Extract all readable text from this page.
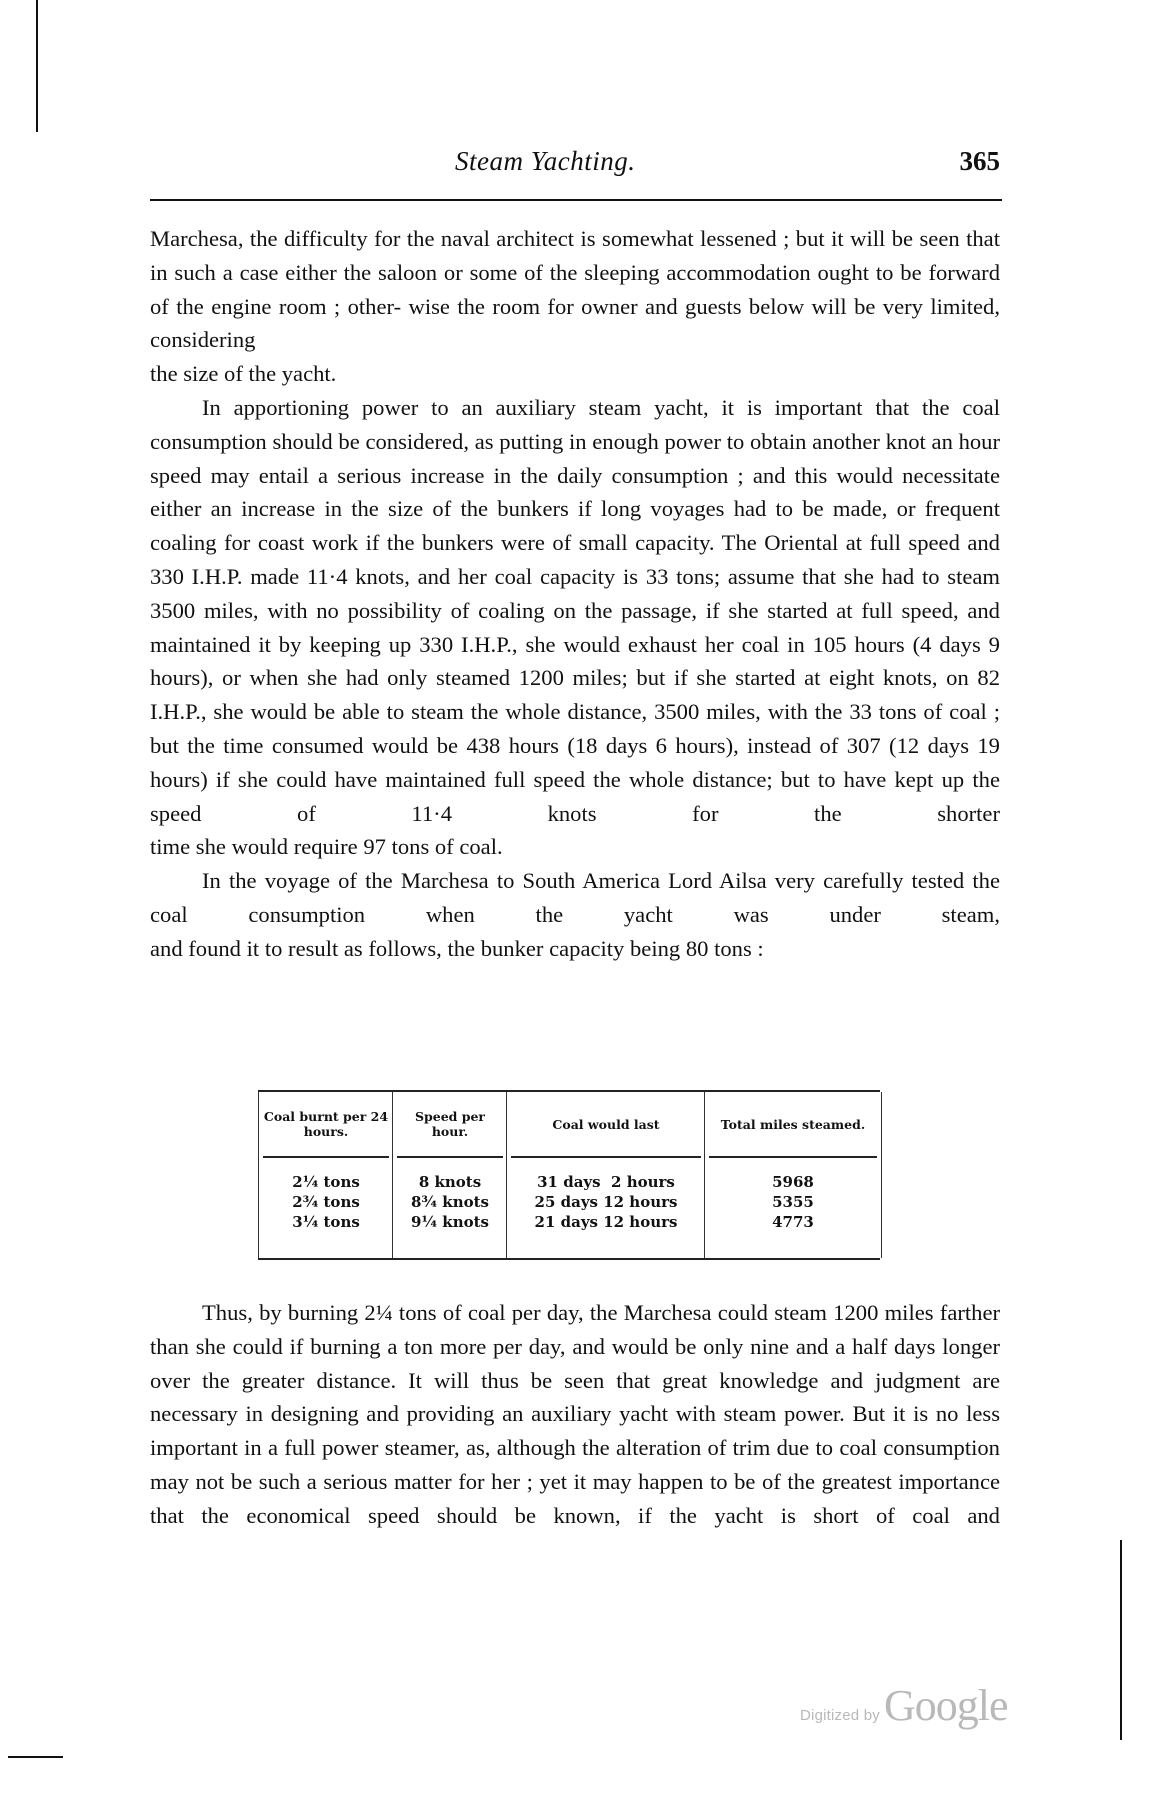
Steam Yachting.	365

Marchesa, the difficulty for the naval architect is somewhat lessened ; but it will be seen that in such a case either the saloon or some of the sleeping accommodation ought to be forward of the engine room ; other- wise the room for owner and guests below will be very limited, considering

the size of the yacht.

In apportioning power to an auxiliary steam yacht, it is important that the coal consumption should be considered, as putting in enough power to obtain another knot an hour speed may entail a serious increase in the daily consumption ; and this would necessitate either an increase in the size of the bunkers if long voyages had to be made, or frequent coaling for coast work if the bunkers were of small capacity. The Oriental at full speed and 330 I.H.P. made 11·4 knots, and her coal capacity is 33 tons; assume that she had to steam 3500 miles, with no possibility of coaling on the passage, if she started at full speed, and maintained it by keeping up 330 I.H.P., she would exhaust her coal in 105 hours (4 days 9 hours), or when she had only steamed 1200 miles; but if she started at eight knots, on 82 I.H.P., she would be able to steam the whole distance, 3500 miles, with the 33 tons of coal ; but the time consumed would be 438 hours (18 days 6 hours), instead of 307 (12 days 19 hours) if she could have maintained full speed the whole distance; but to have kept up the speed of 11·4 knots for the shorter

time she would require 97 tons of coal.

In the voyage of the Marchesa to South America Lord Ailsa very carefully tested the coal consumption when the yacht was under steam,

and found it to result as follows, the bunker capacity being 80 tons :

Coal burnt per 24 hours.
2¼ tons
2¾ tons
3¼ tons
Speed per hour.
8 knots
8¾ knots
9¼ knots
Coal would last
31 days  2 hours
25 days 12 hours
21 days 12 hours
Total miles steamed.
5968
5355
4773

Thus, by burning 2¼ tons of coal per day, the Marchesa could steam 1200 miles farther than she could if burning a ton more per day, and would be only nine and a half days longer over the greater distance. It will thus be seen that great knowledge and judgment are necessary in designing and providing an auxiliary yacht with steam power. But it is no less important in a full power steamer, as, although the alteration of trim due to coal consumption may not be such a serious matter for her ; yet it may happen to be of the greatest importance that the economical speed should be known, if the yacht is short of coal and

Digitized by Google
